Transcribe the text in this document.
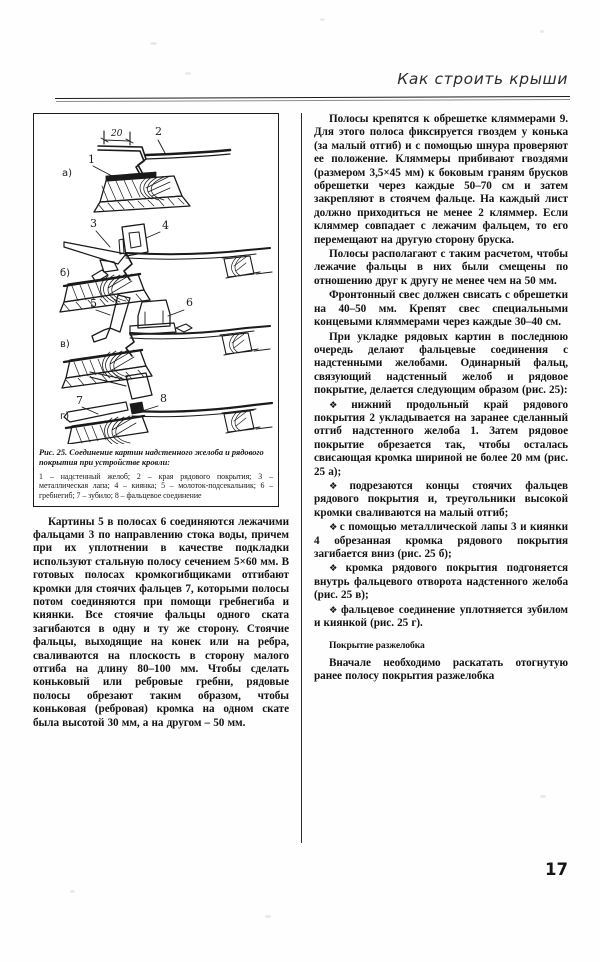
Как строить крыши
а)
20	2
1
б)
4
3
в)
5	6
г)
7	8
Рис. 25. Соединение картин надстенного желоба и рядового покрытия при устройстве кровли:
1 – надстенный желоб; 2 – края рядового покрытия; 3 – металлическая лапа; 4 – киянка; 5 – молоток-подсекальник; 6 – гребнегиб; 7 – зубило; 8 – фальцевое соединение

Картины 5 в полосах 6 соединяются лежачими фальцами 3 по направлению стока воды, причем при их уплотнении в качестве подкладки используют стальную полосу сечением 5×60 мм. В готовых полосах кромкогибщиками отгибают кромки для стоячих фальцев 7, которыми полосы потом соединяются при помощи гребнегиба и киянки. Все стоячие фальцы одного ската загибаются в одну и ту же сторону. Стоячие фальцы, выходящие на конек или на ребра, сваливаются на плоскость в сторону малого отгиба на длину 80–100 мм. Чтобы сделать коньковый или ребровые гребни, рядовые полосы обрезают таким образом, чтобы коньковая (ребровая) кромка на одном скате была высотой 30 мм, а на другом – 50 мм.

Полосы крепятся к обрешетке кляммерами 9. Для этого полоса фиксируется гвоздем у конька (за малый отгиб) и с помощью шнура проверяют ее положение. Кляммеры прибивают гвоздями (размером 3,5×45 мм) к боковым граням брусков обрешетки через каждые 50–70 см и затем закрепляют в стоячем фальце. На каждый лист должно приходиться не менее 2 кляммер. Если кляммер совпадает с лежачим фальцем, то его перемещают на другую сторону бруска.

Полосы располагают с таким расчетом, чтобы лежачие фальцы в них были смещены по отношению друг к другу не менее чем на 50 мм.

Фронтонный свес должен свисать с обрешетки на 40–50 мм. Крепят свес специальными концевыми кляммерами через каждые 30–40 см.

При укладке рядовых картин в последнюю очередь делают фальцевые соединения с надстенными желобами. Одинарный фальц, связующий надстенный желоб и рядовое покрытие, делается следующим образом (рис. 25):

❖ нижний продольный край рядового покрытия 2 укладывается на заранее сделанный отгиб надстенного желоба 1. Затем рядовое покрытие обрезается так, чтобы осталась свисающая кромка шириной не более 20 мм (рис. 25 а);

❖ подрезаются концы стоячих фальцев рядового покрытия и, треугольники высокой кромки сваливаются на малый отгиб;

❖ с помощью металлической лапы 3 и киянки 4 обрезанная кромка рядового покрытия загибается вниз (рис. 25 б);

❖ кромка рядового покрытия подгоняется внутрь фальцевого отворота надстенного желоба (рис. 25 в);

❖ фальцевое соединение уплотняется зубилом и киянкой (рис. 25 г).

Покрытие разжелобка

Вначале необходимо раскатать отогнутую ранее полосу покрытия разжелобка

17
